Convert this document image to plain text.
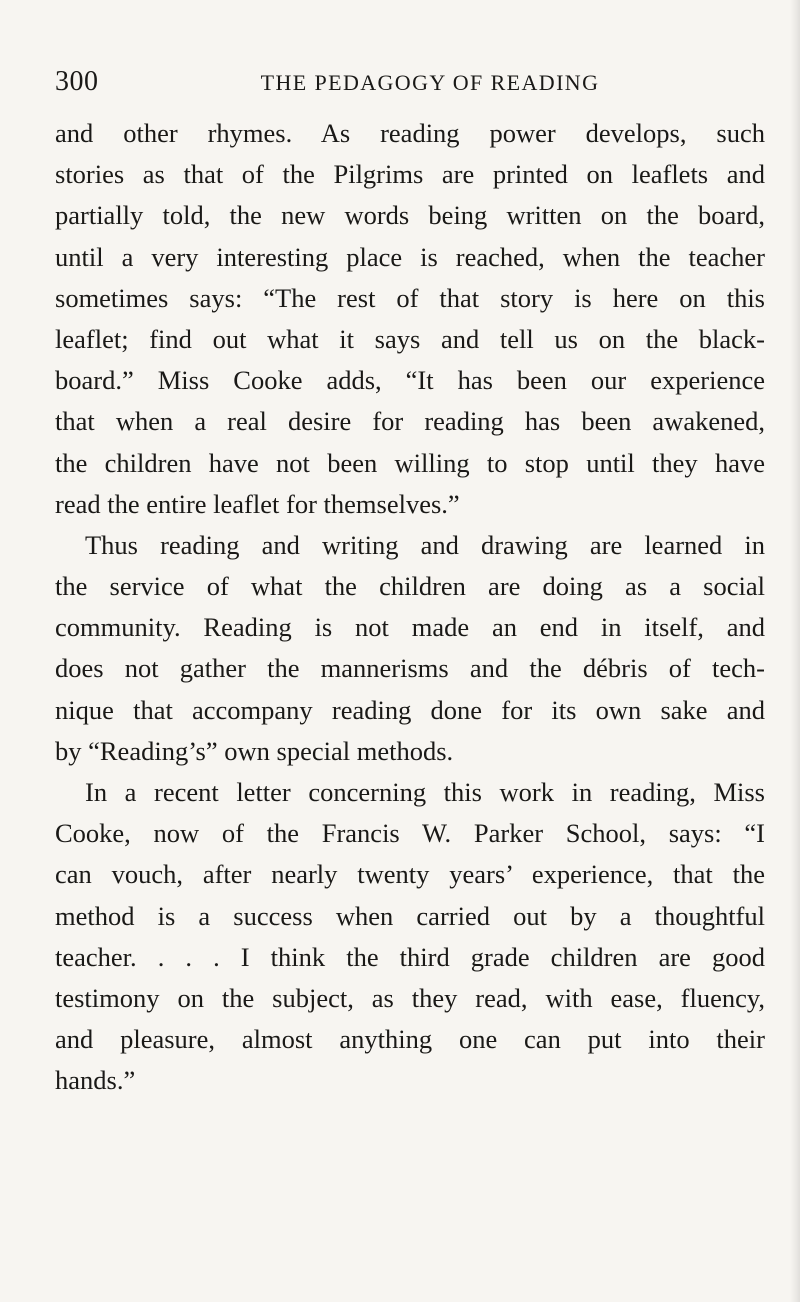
300	THE PEDAGOGY OF READING
and other rhymes. As reading power develops, such
stories as that of the Pilgrims are printed on leaflets and
partially told, the new words being written on the board,
until a very interesting place is reached, when the teacher
sometimes says: “The rest of that story is here on this
leaflet; find out what it says and tell us on the black-
board.” Miss Cooke adds, “It has been our experience
that when a real desire for reading has been awakened,
the children have not been willing to stop until they have
read the entire leaflet for themselves.”
Thus reading and writing and drawing are learned in
the service of what the children are doing as a social
community. Reading is not made an end in itself, and
does not gather the mannerisms and the débris of tech-
nique that accompany reading done for its own sake and
by “Reading’s” own special methods.
In a recent letter concerning this work in reading, Miss
Cooke, now of the Francis W. Parker School, says: “I
can vouch, after nearly twenty years’ experience, that the
method is a success when carried out by a thoughtful
teacher. . . . I think the third grade children are good
testimony on the subject, as they read, with ease, fluency,
and pleasure, almost anything one can put into their
hands.”
